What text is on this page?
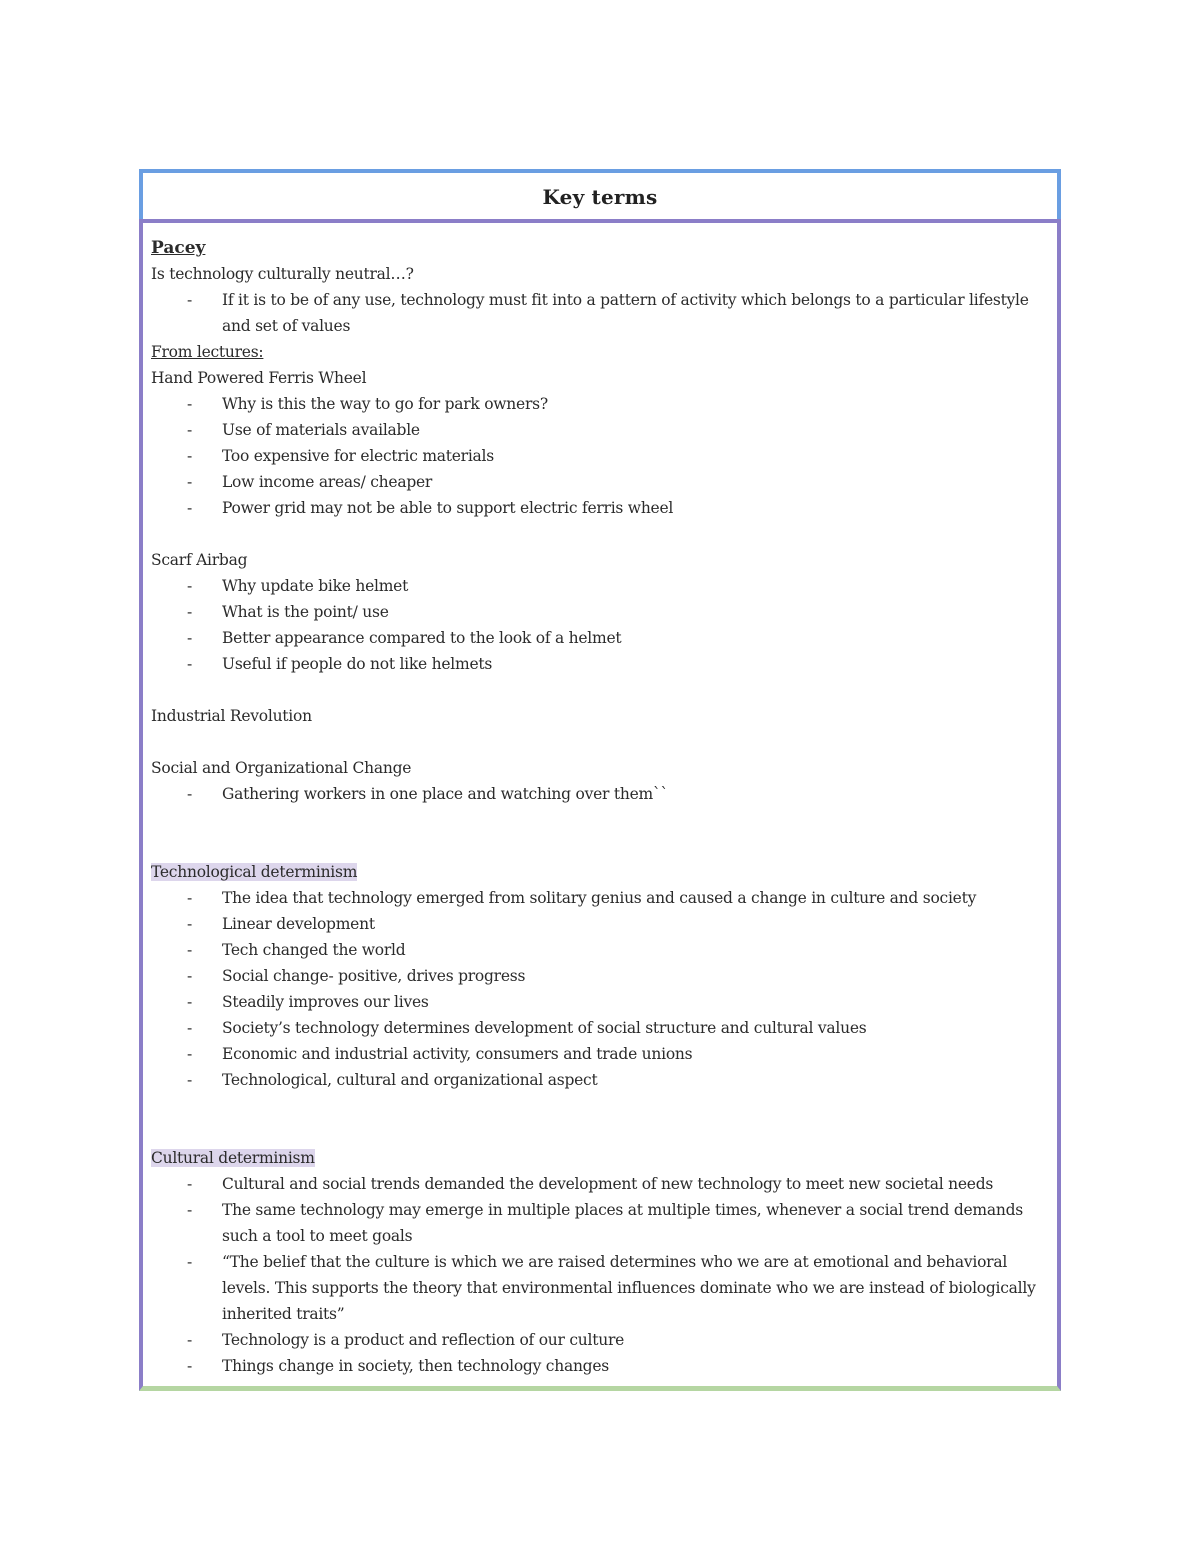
Key terms
Pacey
Is technology culturally neutral…?
- If it is to be of any use, technology must fit into a pattern of activity which belongs to a particular lifestyle and set of values
From lectures:
Hand Powered Ferris Wheel
- Why is this the way to go for park owners?
- Use of materials available
- Too expensive for electric materials
- Low income areas/ cheaper
- Power grid may not be able to support electric ferris wheel
Scarf Airbag
- Why update bike helmet
- What is the point/ use
- Better appearance compared to the look of a helmet
- Useful if people do not like helmets
Industrial Revolution
Social and Organizational Change
- Gathering workers in one place and watching over them``
Technological determinism
- The idea that technology emerged from solitary genius and caused a change in culture and society
- Linear development
- Tech changed the world
- Social change- positive, drives progress
- Steadily improves our lives
- Society’s technology determines development of social structure and cultural values
- Economic and industrial activity, consumers and trade unions
- Technological, cultural and organizational aspect
Cultural determinism
- Cultural and social trends demanded the development of new technology to meet new societal needs
- The same technology may emerge in multiple places at multiple times, whenever a social trend demands such a tool to meet goals
- “The belief that the culture is which we are raised determines who we are at emotional and behavioral levels. This supports the theory that environmental influences dominate who we are instead of biologically inherited traits”
- Technology is a product and reflection of our culture
- Things change in society, then technology changes
